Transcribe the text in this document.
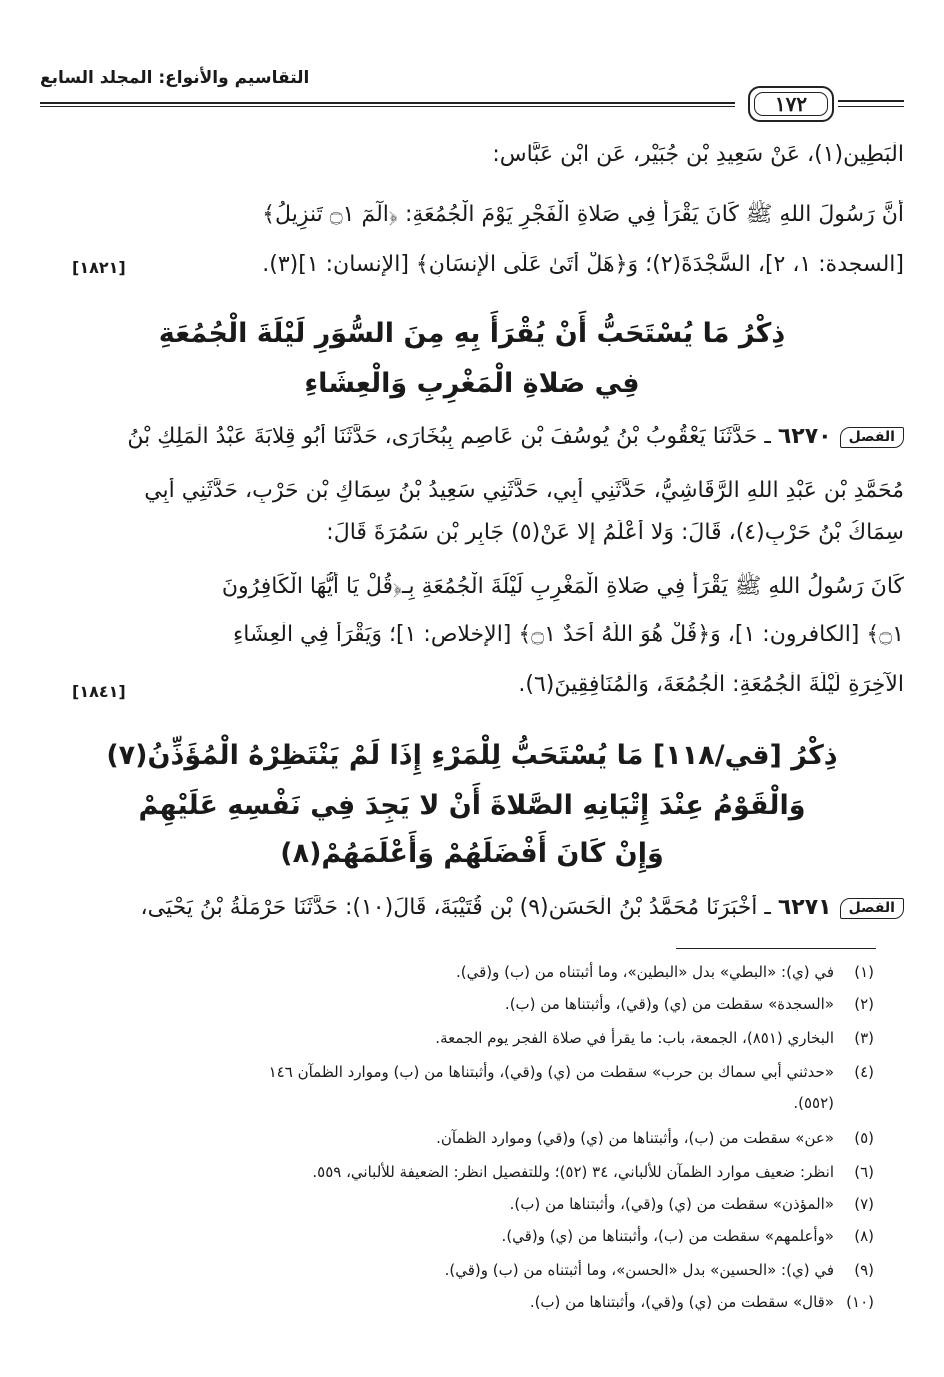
التقاسيم والأنواع: المجلد السابع
١٧٢
الْبَطِينِ(١)، عَنْ سَعِيدِ بْنِ جُبَيْرٍ، عَنِ ابْنِ عَبَّاسٍ:
أَنَّ رَسُولَ اللهِ ﷺ كَانَ يَقْرَأُ فِي صَلاةِ الْفَجْرِ يَوْمَ الْجُمُعَةِ: ﴿الٓمٓ ۝١ تَنزِيلُ﴾
[السجدة: ١، ٢]، السَّجْدَةَ(٢)؛ وَ﴿هَلْ أَتَىٰ عَلَى الْإِنسَانِ﴾ [الإنسان: ١](٣).
[١٨٢١]
ذِكْرُ مَا يُسْتَحَبُّ أَنْ يُقْرَأَ بِهِ مِنَ السُّوَرِ لَيْلَةَ الْجُمُعَةِ
فِي صَلاةِ الْمَغْرِبِ وَالْعِشَاءِ
الفصل٦٢٧٠ ـ حَدَّثَنَا يَعْقُوبُ بْنُ يُوسُفَ بْنِ عَاصِمٍ بِبُخَارَى، حَدَّثَنَا أَبُو قِلابَةَ عَبْدُ الْمَلِكِ بْنُ
مُحَمَّدِ بْنِ عَبْدِ اللهِ الرَّقَاشِيُّ، حَدَّثَنِي أَبِي، حَدَّثَنِي سَعِيدُ بْنُ سِمَاكِ بْنِ حَرْبٍ، حَدَّثَنِي أَبِي
سِمَاكُ بْنُ حَرْبٍ(٤)، قَالَ: وَلا أَعْلَمُ إِلا عَنْ(٥) جَابِرِ بْنِ سَمُرَةَ قَالَ:
كَانَ رَسُولُ اللهِ ﷺ يَقْرَأُ فِي صَلاةِ الْمَغْرِبِ لَيْلَةَ الْجُمُعَةِ بِـ﴿قُلْ يَا أَيُّهَا الْكَافِرُونَ
۝١﴾ [الكافرون: ١]، وَ﴿قُلْ هُوَ اللَّهُ أَحَدٌ ۝١﴾ [الإخلاص: ١]؛ وَيَقْرَأُ فِي الْعِشَاءِ
الآخِرَةِ لَيْلَةَ الْجُمُعَةِ: الْجُمُعَةَ، وَالْمُنَافِقِينَ(٦).
[١٨٤١]
ذِكْرُ [قي/١١٨] مَا يُسْتَحَبُّ لِلْمَرْءِ إِذَا لَمْ يَنْتَظِرْهُ الْمُؤَذِّنُ(٧)
وَالْقَوْمُ عِنْدَ إِتْيَانِهِ الصَّلاةَ أَنْ لا يَجِدَ فِي نَفْسِهِ عَلَيْهِمْ
وَإِنْ كَانَ أَفْضَلَهُمْ وَأَعْلَمَهُمْ(٨)
الفصل٦٢٧١ ـ أَخْبَرَنَا مُحَمَّدُ بْنُ الْحَسَنِ(٩) بْنِ قُتَيْبَةَ، قَالَ(١٠): حَدَّثَنَا حَرْمَلَةُ بْنُ يَحْيَى،
(١)في (ي): «البطي» بدل «البطين»، وما أثبتناه من (ب) و(قي).
(٢)«السجدة» سقطت من (ي) و(قي)، وأثبتناها من (ب).
(٣)البخاري (٨٥١)، الجمعة، باب: ما يقرأ في صلاة الفجر يوم الجمعة.
(٤)«حدثني أبي سماك بن حرب» سقطت من (ي) و(قي)، وأثبتناها من (ب) وموارد الظمآن ١٤٦
(٥٥٢).
(٥)«عن» سقطت من (ب)، وأثبتناها من (ي) و(قي) وموارد الظمآن.
(٦)انظر: ضعيف موارد الظمآن للألباني، ٣٤ (٥٢)؛ وللتفصيل انظر: الضعيفة للألباني، ٥٥٩.
(٧)«المؤذن» سقطت من (ي) و(قي)، وأثبتناها من (ب).
(٨)«وأعلمهم» سقطت من (ب)، وأثبتناها من (ي) و(قي).
(٩)في (ي): «الحسين» بدل «الحسن»، وما أثبتناه من (ب) و(قي).
(١٠)«قال» سقطت من (ي) و(قي)، وأثبتناها من (ب).
